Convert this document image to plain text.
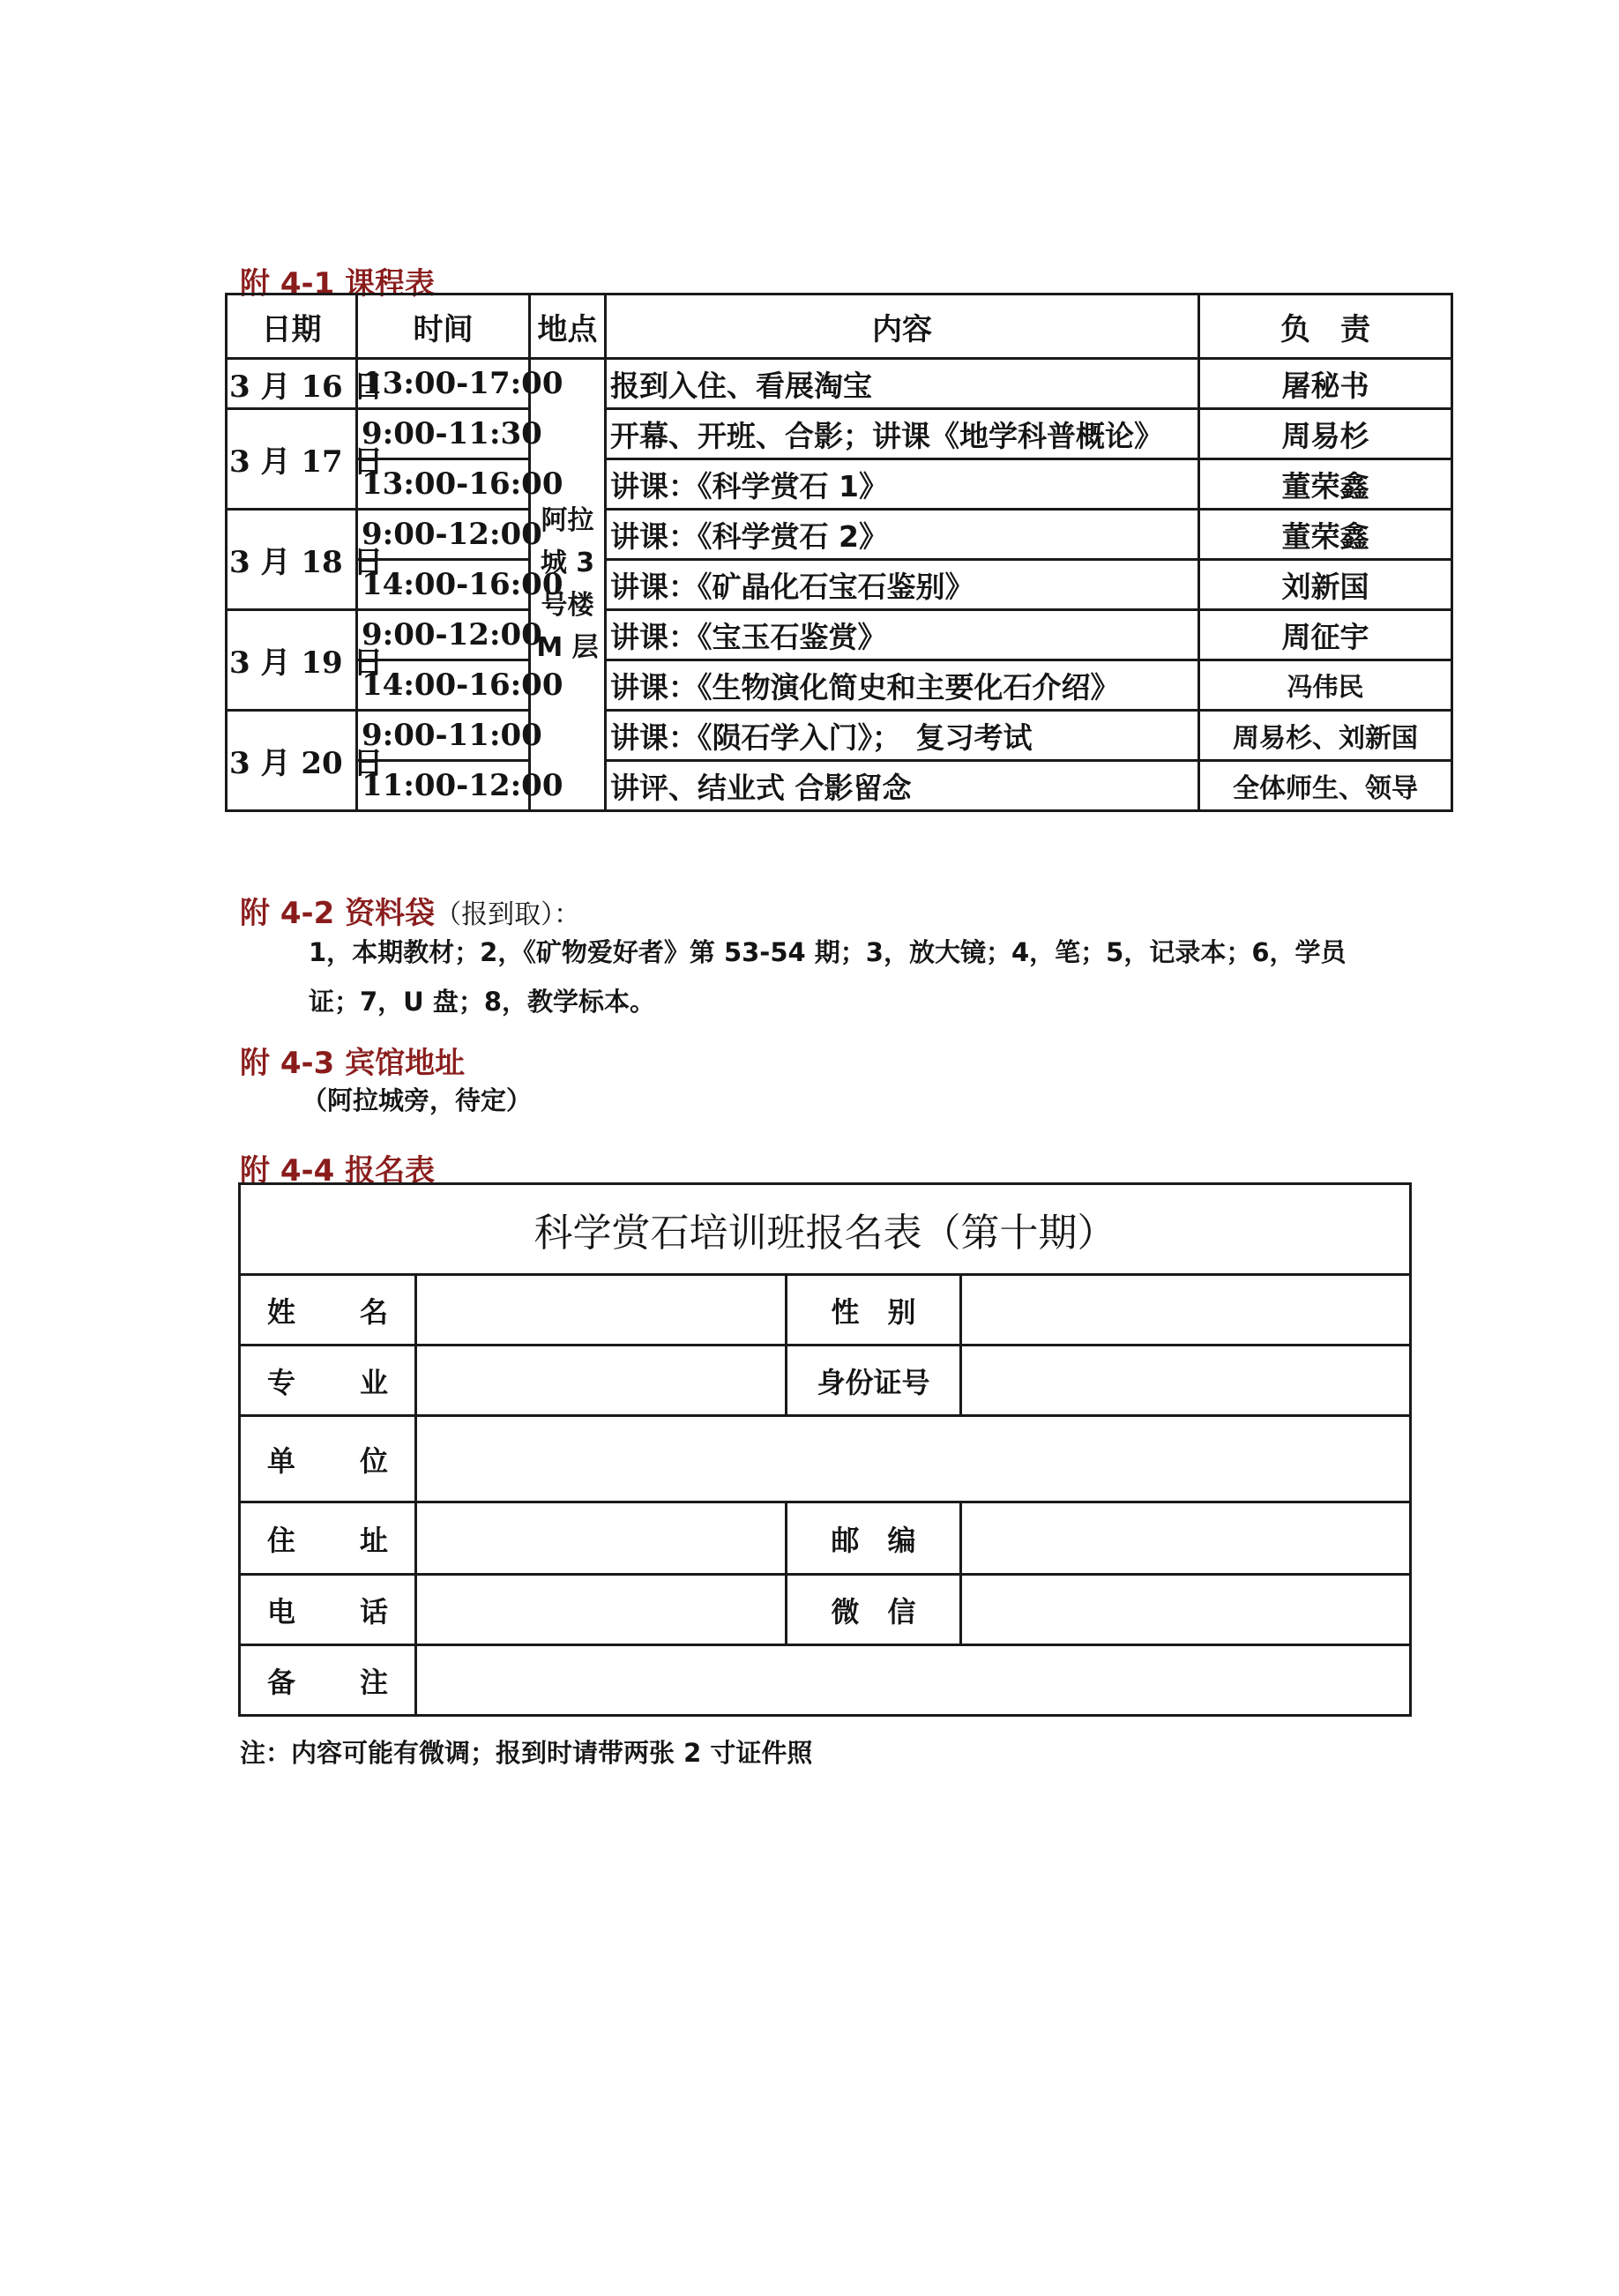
附 4-1 课程表
日期	时间	地点	内容	负　责
3 月 16 日	13:00-17:00	阿拉城 3 号楼 M 层	报到入住、看展淘宝	屠秘书
3 月 17 日	9:00-11:30		开幕、开班、合影；讲课《地学科普概论》	周易杉
	13:00-16:00		讲课：《科学赏石 1》	董荣鑫
3 月 18 日	9:00-12:00		讲课：《科学赏石 2》	董荣鑫
	14:00-16:00		讲课：《矿晶化石宝石鉴别》	刘新国
3 月 19 日	9:00-12:00		讲课：《宝玉石鉴赏》	周征宇
	14:00-16:00		讲课：《生物演化简史和主要化石介绍》	冯伟民
3 月 20 日	9:00-11:00		讲课：《陨石学入门》；　复习考试	周易杉、刘新国
	11:00-12:00		讲评、结业式 合影留念	全体师生、领导
附 4-2 资料袋（报到取）：

1，本期教材；2，《矿物爱好者》第 53-54 期；3，放大镜；4，笔；5，记录本；6，学员证；7，U 盘；8，教学标本。

附 4-3 宾馆地址

（阿拉城旁，待定）

附 4-4 报名表
科学赏石培训班报名表（第十期）			
姓名		性　别	
专业		身份证号	
单位			
住址		邮　编	
电话		微　信	
备注			

注：内容可能有微调；报到时请带两张 2 寸证件照
